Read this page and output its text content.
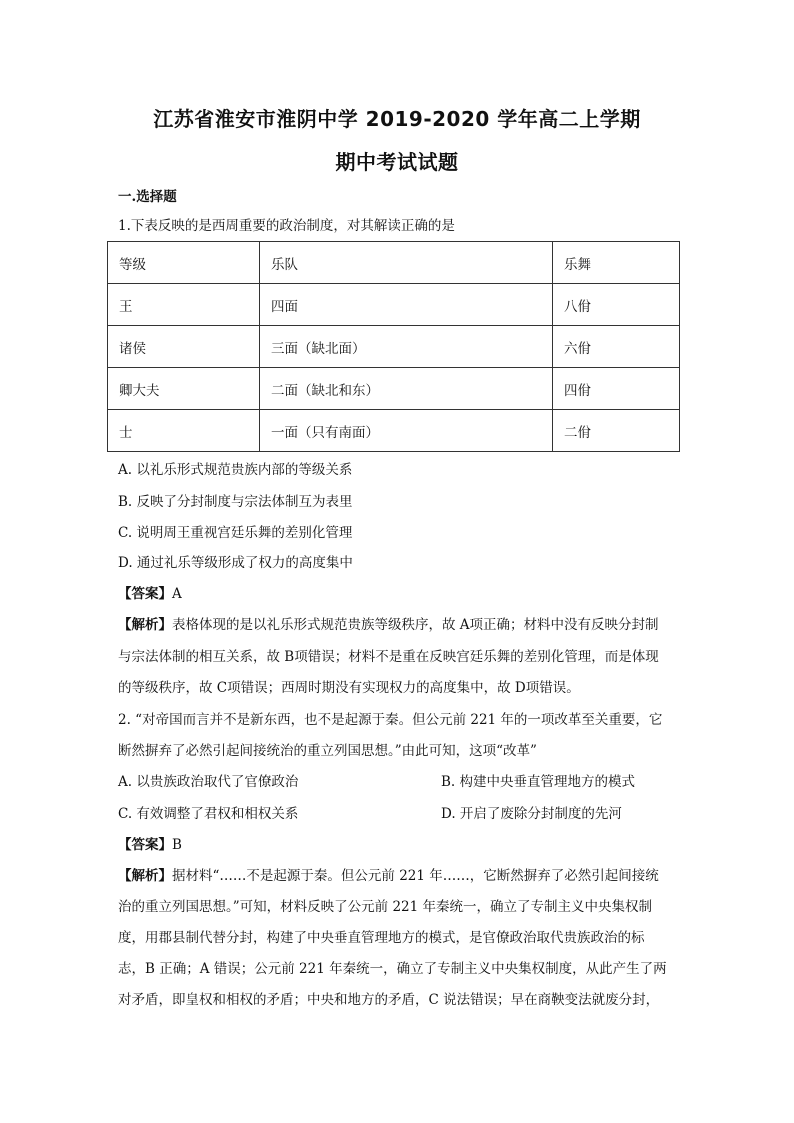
江苏省淮安市淮阴中学 2019-2020 学年高二上学期
期中考试试题
一.选择题
1.下表反映的是西周重要的政治制度，对其解读正确的是
等级	乐队	乐舞
王	四面	八佾
诸侯	三面（缺北面）	六佾
卿大夫	二面（缺北和东）	四佾
士	一面（只有南面）	二佾
A. 以礼乐形式规范贵族内部的等级关系
B. 反映了分封制度与宗法体制互为表里
C. 说明周王重视宫廷乐舞的差别化管理
D. 通过礼乐等级形成了权力的高度集中
【答案】A
【解析】表格体现的是以礼乐形式规范贵族等级秩序，故 A项正确；材料中没有反映分封制
与宗法体制的相互关系，故 B项错误；材料不是重在反映宫廷乐舞的差别化管理，而是体现
的等级秩序，故 C项错误；西周时期没有实现权力的高度集中，故 D项错误。
2. “对帝国而言并不是新东西，也不是起源于秦。但公元前 221 年的一项改革至关重要，它
断然摒弃了必然引起间接统治的重立列国思想。”由此可知，这项“改革”
A. 以贵族政治取代了官僚政治	B. 构建中央垂直管理地方的模式
C. 有效调整了君权和相权关系	D. 开启了废除分封制度的先河
【答案】B
【解析】据材料“……不是起源于秦。但公元前 221 年……，它断然摒弃了必然引起间接统
治的重立列国思想。”可知，材料反映了公元前 221 年秦统一，确立了专制主义中央集权制
度，用郡县制代替分封，构建了中央垂直管理地方的模式，是官僚政治取代贵族政治的标
志，B 正确；A 错误；公元前 221 年秦统一，确立了专制主义中央集权制度，从此产生了两
对矛盾，即皇权和相权的矛盾；中央和地方的矛盾，C 说法错误；早在商鞅变法就废分封，
